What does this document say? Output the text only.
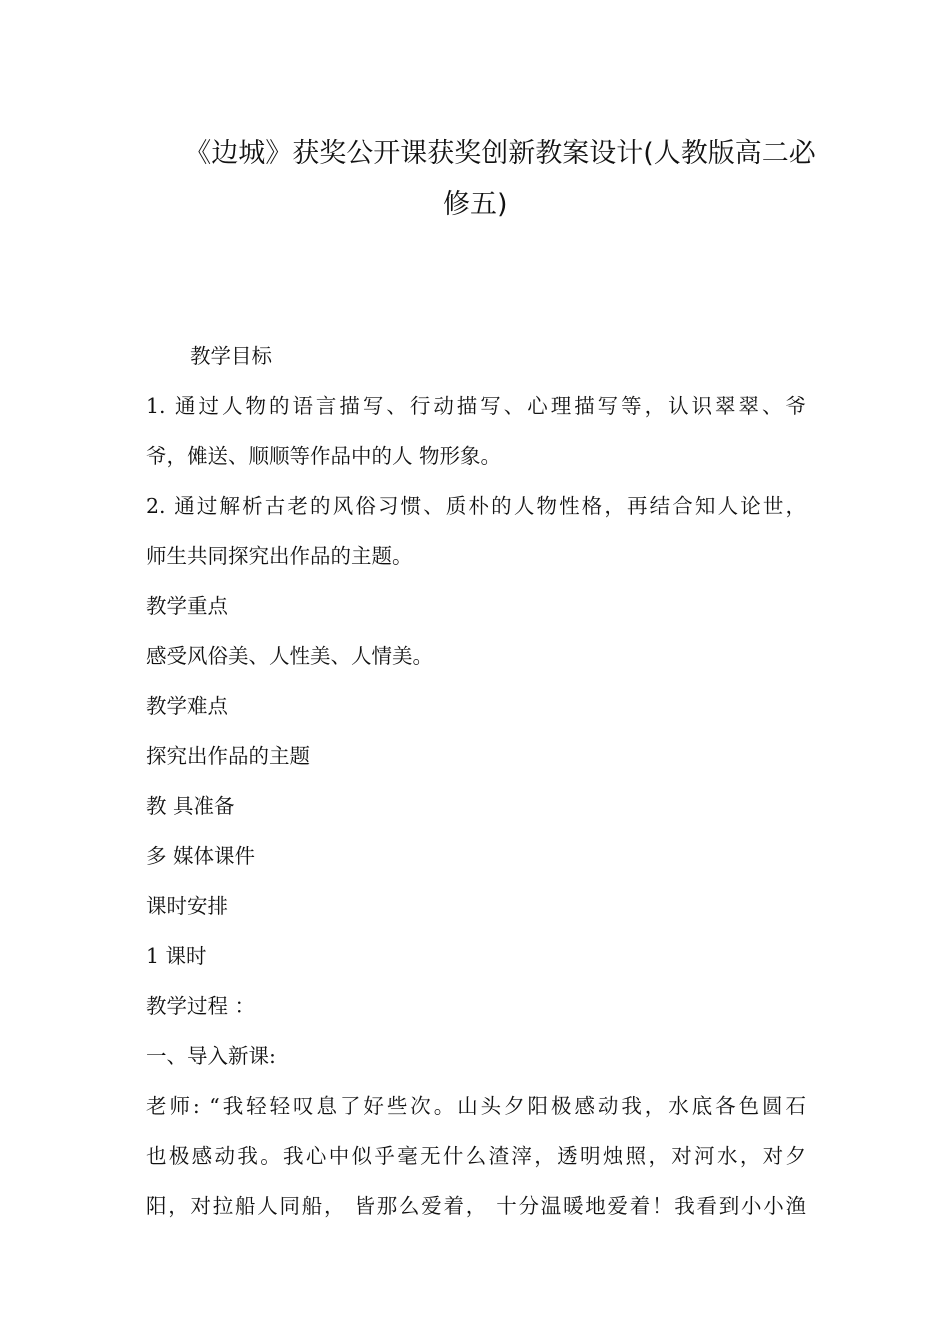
《边城》获奖公开课获奖创新教案设计(人教版高二必
修五)

教学目标

1. 通过人物的语言描写、行动描写、心理描写等，认识翠翠、爷

爷，傩送、顺顺等作品中的人 物形象。

2. 通过解析古老的风俗习惯、质朴的人物性格，再结合知人论世，

师生共同探究出作品的主题。

教学重点

感受风俗美、人性美、人情美。

教学难点

探究出作品的主题

教 具准备

多 媒体课件

课时安排

1 课时

教学过程 ：

一、导入新课:

老师: “我轻轻叹息了好些次。山头夕阳极感动我，水底各色圆石

也极感动我。我心中似乎毫无什么渣滓，透明烛照，对河水，对夕

阳，对拉船人同船， 皆那么爱着， 十分温暖地爱着！我看到小小渔
